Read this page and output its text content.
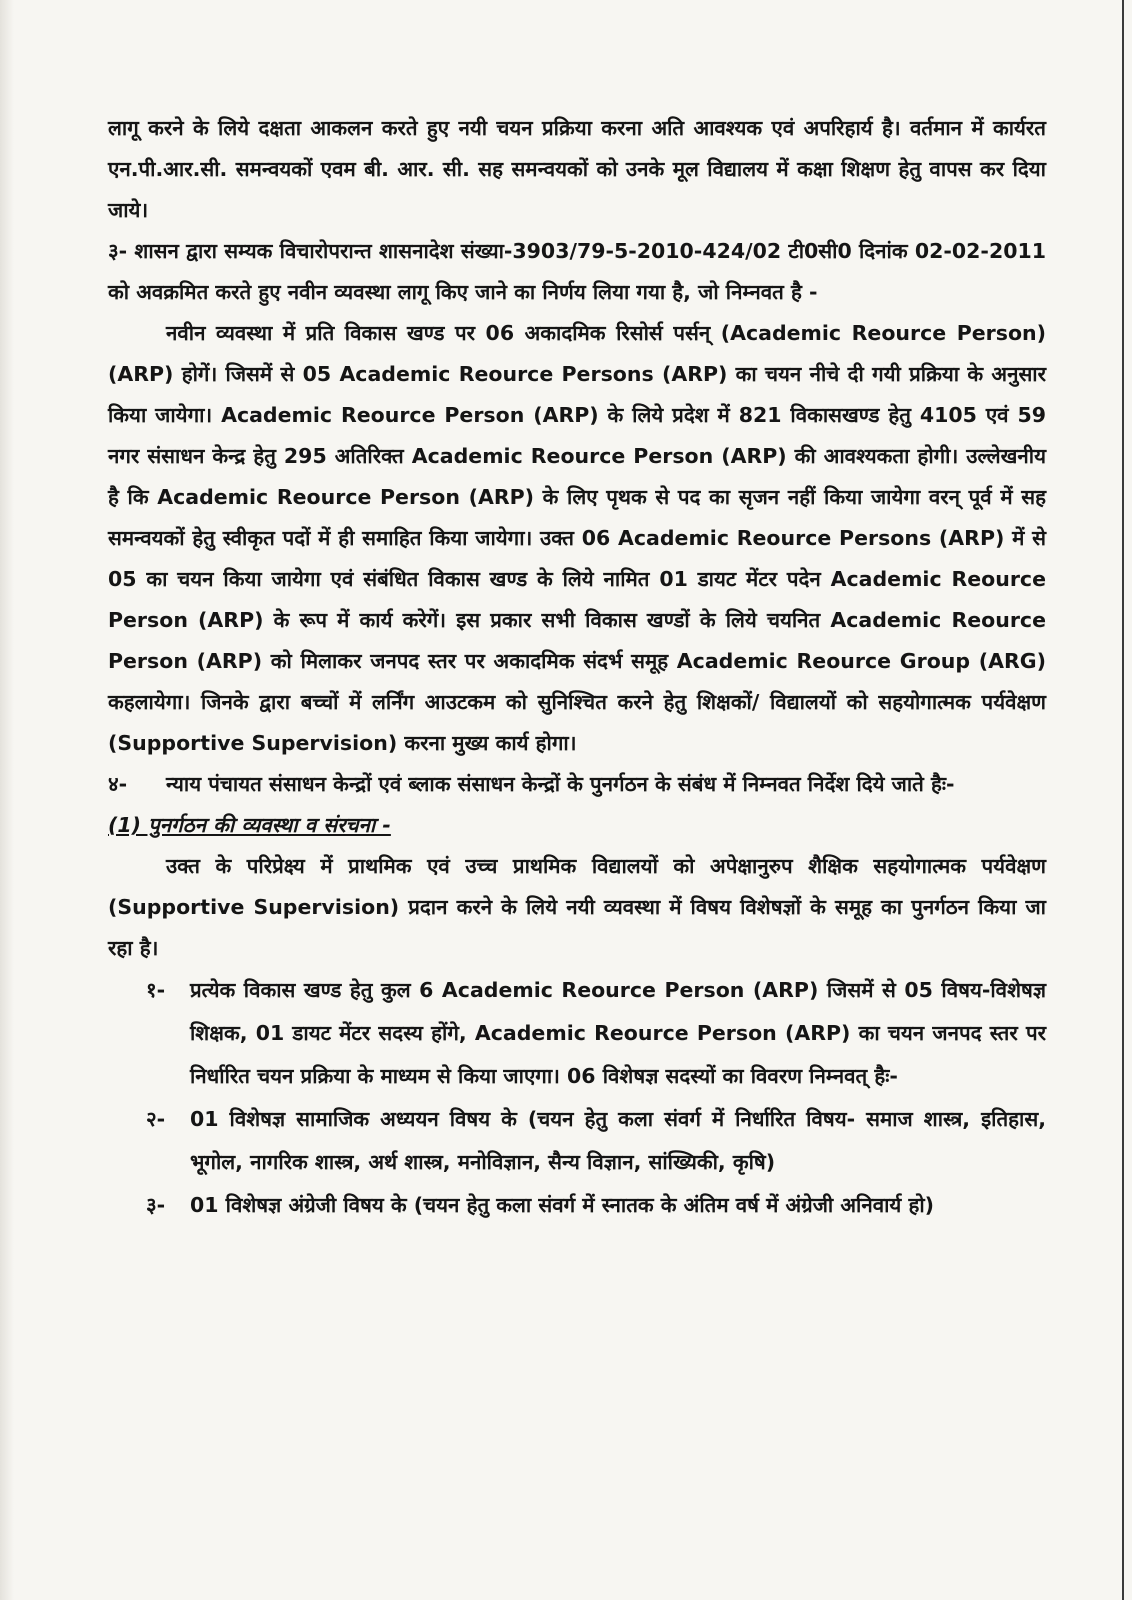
लागू करने के लिये दक्षता आकलन करते हुए नयी चयन प्रक्रिया करना अति आवश्यक एवं अपरिहार्य है। वर्तमान में कार्यरत एन.पी.आर.सी. समन्वयकों एवम बी. आर. सी. सह समन्वयकों को उनके मूल विद्यालय में कक्षा शिक्षण हेतु वापस कर दिया जाये।

३- शासन द्वारा सम्यक विचारोपरान्त शासनादेश संख्या-3903/79-5-2010-424/02 टी0सी0 दिनांक 02-02-2011 को अवक्रमित करते हुए नवीन व्यवस्था लागू किए जाने का निर्णय लिया गया है, जो निम्नवत है -

नवीन व्यवस्था में प्रति विकास खण्ड पर 06 अकादमिक रिसोर्स पर्सन् (Academic Reource Person) (ARP) होगें। जिसमें से 05 Academic Reource Persons (ARP) का चयन नीचे दी गयी प्रक्रिया के अनुसार किया जायेगा। Academic Reource Person (ARP) के लिये प्रदेश में 821 विकासखण्ड हेतु 4105 एवं 59 नगर संसाधन केन्द्र हेतु 295 अतिरिक्त Academic Reource Person (ARP) की आवश्यकता होगी। उल्लेखनीय है कि Academic Reource Person (ARP) के लिए पृथक से पद का सृजन नहीं किया जायेगा वरन् पूर्व में सह समन्वयकों हेतु स्वीकृत पदों में ही समाहित किया जायेगा। उक्त 06 Academic Reource Persons (ARP) में से 05 का चयन किया जायेगा एवं संबंधित विकास खण्ड के लिये नामित 01 डायट मेंटर पदेन Academic Reource Person (ARP) के रूप में कार्य करेगें। इस प्रकार सभी विकास खण्डों के लिये चयनित Academic Reource Person (ARP) को मिलाकर जनपद स्तर पर अकादमिक संदर्भ समूह Academic Reource Group (ARG) कहलायेगा। जिनके द्वारा बच्चों में लर्निंग आउटकम को सुनिश्चित करने हेतु शिक्षकों/ विद्यालयों को सहयोगात्मक पर्यवेक्षण (Supportive Supervision) करना मुख्य कार्य होगा।

४-	न्याय पंचायत संसाधन केन्द्रों एवं ब्लाक संसाधन केन्द्रों के पुनर्गठन के संबंध में निम्नवत निर्देश दिये जाते हैः-

(1) पुनर्गठन की व्यवस्था व संरचना -

उक्त के परिप्रेक्ष्य में प्राथमिक एवं उच्च प्राथमिक विद्यालयों को अपेक्षानुरुप शैक्षिक सहयोगात्मक पर्यवेक्षण (Supportive Supervision) प्रदान करने के लिये नयी व्यवस्था में विषय विशेषज्ञों के समूह का पुनर्गठन किया जा रहा है।

१-	प्रत्येक विकास खण्ड हेतु कुल 6 Academic Reource Person (ARP) जिसमें से 05 विषय-विशेषज्ञ शिक्षक, 01 डायट मेंटर सदस्य होंगे, Academic Reource Person (ARP) का चयन जनपद स्तर पर निर्धारित चयन प्रक्रिया के माध्यम से किया जाएगा। 06 विशेषज्ञ सदस्यों का विवरण निम्नवत् हैः-
२-	01 विशेषज्ञ सामाजिक अध्ययन विषय के (चयन हेतु कला संवर्ग में निर्धारित विषय- समाज शास्त्र, इतिहास, भूगोल, नागरिक शास्त्र, अर्थ शास्त्र, मनोविज्ञान, सैन्य विज्ञान, सांख्यिकी, कृषि)
३-	01 विशेषज्ञ अंग्रेजी विषय के (चयन हेतु कला संवर्ग में स्नातक के अंतिम वर्ष में अंग्रेजी अनिवार्य हो)
